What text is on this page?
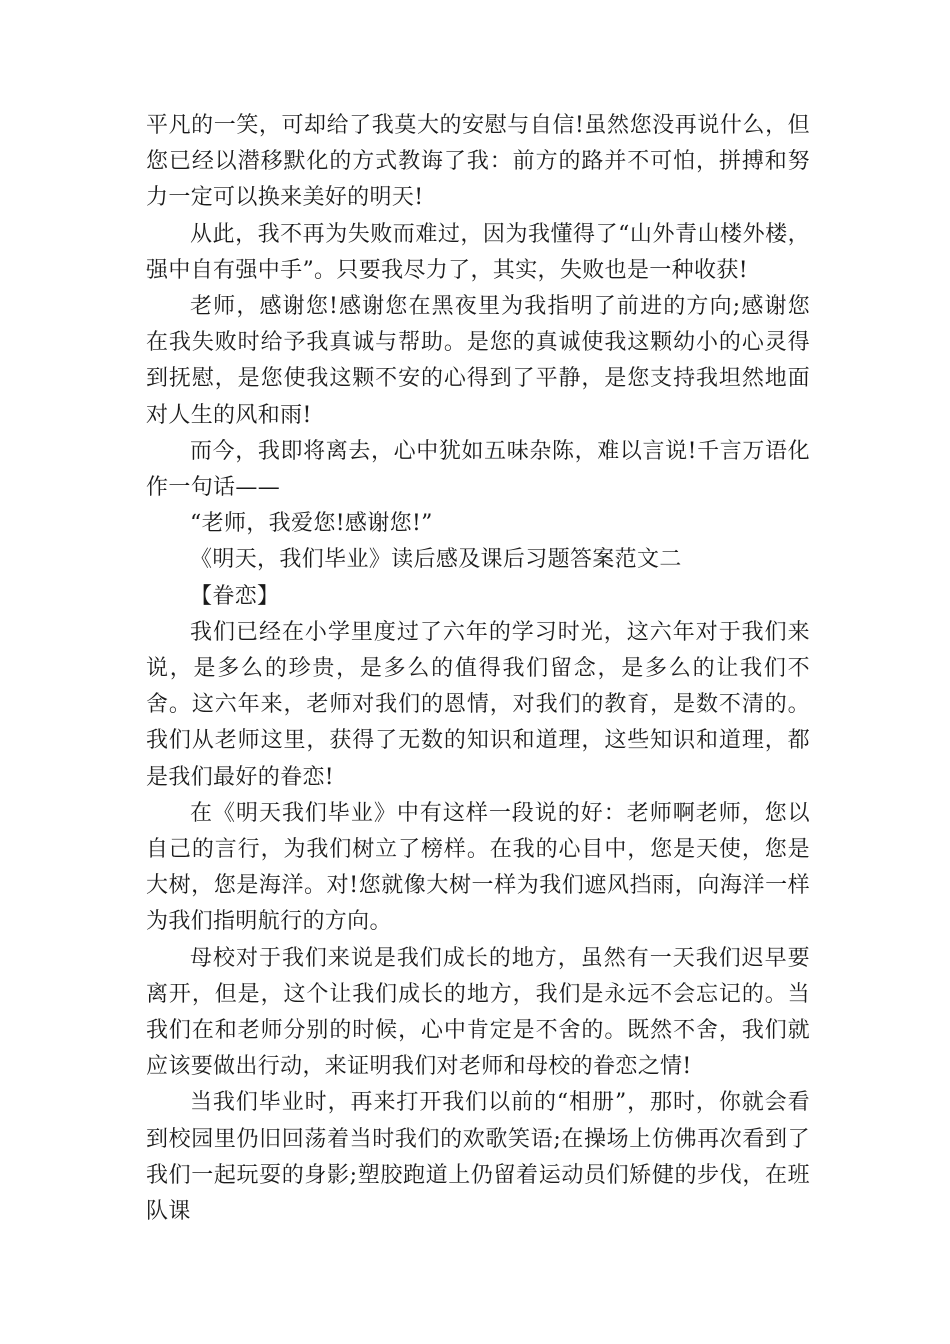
平凡的一笑，可却给了我莫大的安慰与自信!虽然您没再说什么，但您已经以潜移默化的方式教诲了我：前方的路并不可怕，拼搏和努力一定可以换来美好的明天!

从此，我不再为失败而难过，因为我懂得了“山外青山楼外楼，强中自有强中手”。只要我尽力了，其实，失败也是一种收获!

老师，感谢您!感谢您在黑夜里为我指明了前进的方向;感谢您在我失败时给予我真诚与帮助。是您的真诚使我这颗幼小的心灵得到抚慰，是您使我这颗不安的心得到了平静，是您支持我坦然地面对人生的风和雨!

而今，我即将离去，心中犹如五味杂陈，难以言说!千言万语化作一句话——

“老师，我爱您!感谢您!”

《明天，我们毕业》读后感及课后习题答案范文二

【眷恋】

我们已经在小学里度过了六年的学习时光，这六年对于我们来说，是多么的珍贵，是多么的值得我们留念，是多么的让我们不舍。这六年来，老师对我们的恩情，对我们的教育，是数不清的。我们从老师这里，获得了无数的知识和道理，这些知识和道理，都是我们最好的眷恋!

在《明天我们毕业》中有这样一段说的好：老师啊老师，您以自己的言行，为我们树立了榜样。在我的心目中，您是天使，您是大树，您是海洋。对!您就像大树一样为我们遮风挡雨，向海洋一样为我们指明航行的方向。

母校对于我们来说是我们成长的地方，虽然有一天我们迟早要离开，但是，这个让我们成长的地方，我们是永远不会忘记的。当我们在和老师分别的时候，心中肯定是不舍的。既然不舍，我们就应该要做出行动，来证明我们对老师和母校的眷恋之情!

当我们毕业时，再来打开我们以前的“相册”，那时，你就会看到校园里仍旧回荡着当时我们的欢歌笑语;在操场上仿佛再次看到了我们一起玩耍的身影;塑胶跑道上仍留着运动员们矫健的步伐，在班队课
